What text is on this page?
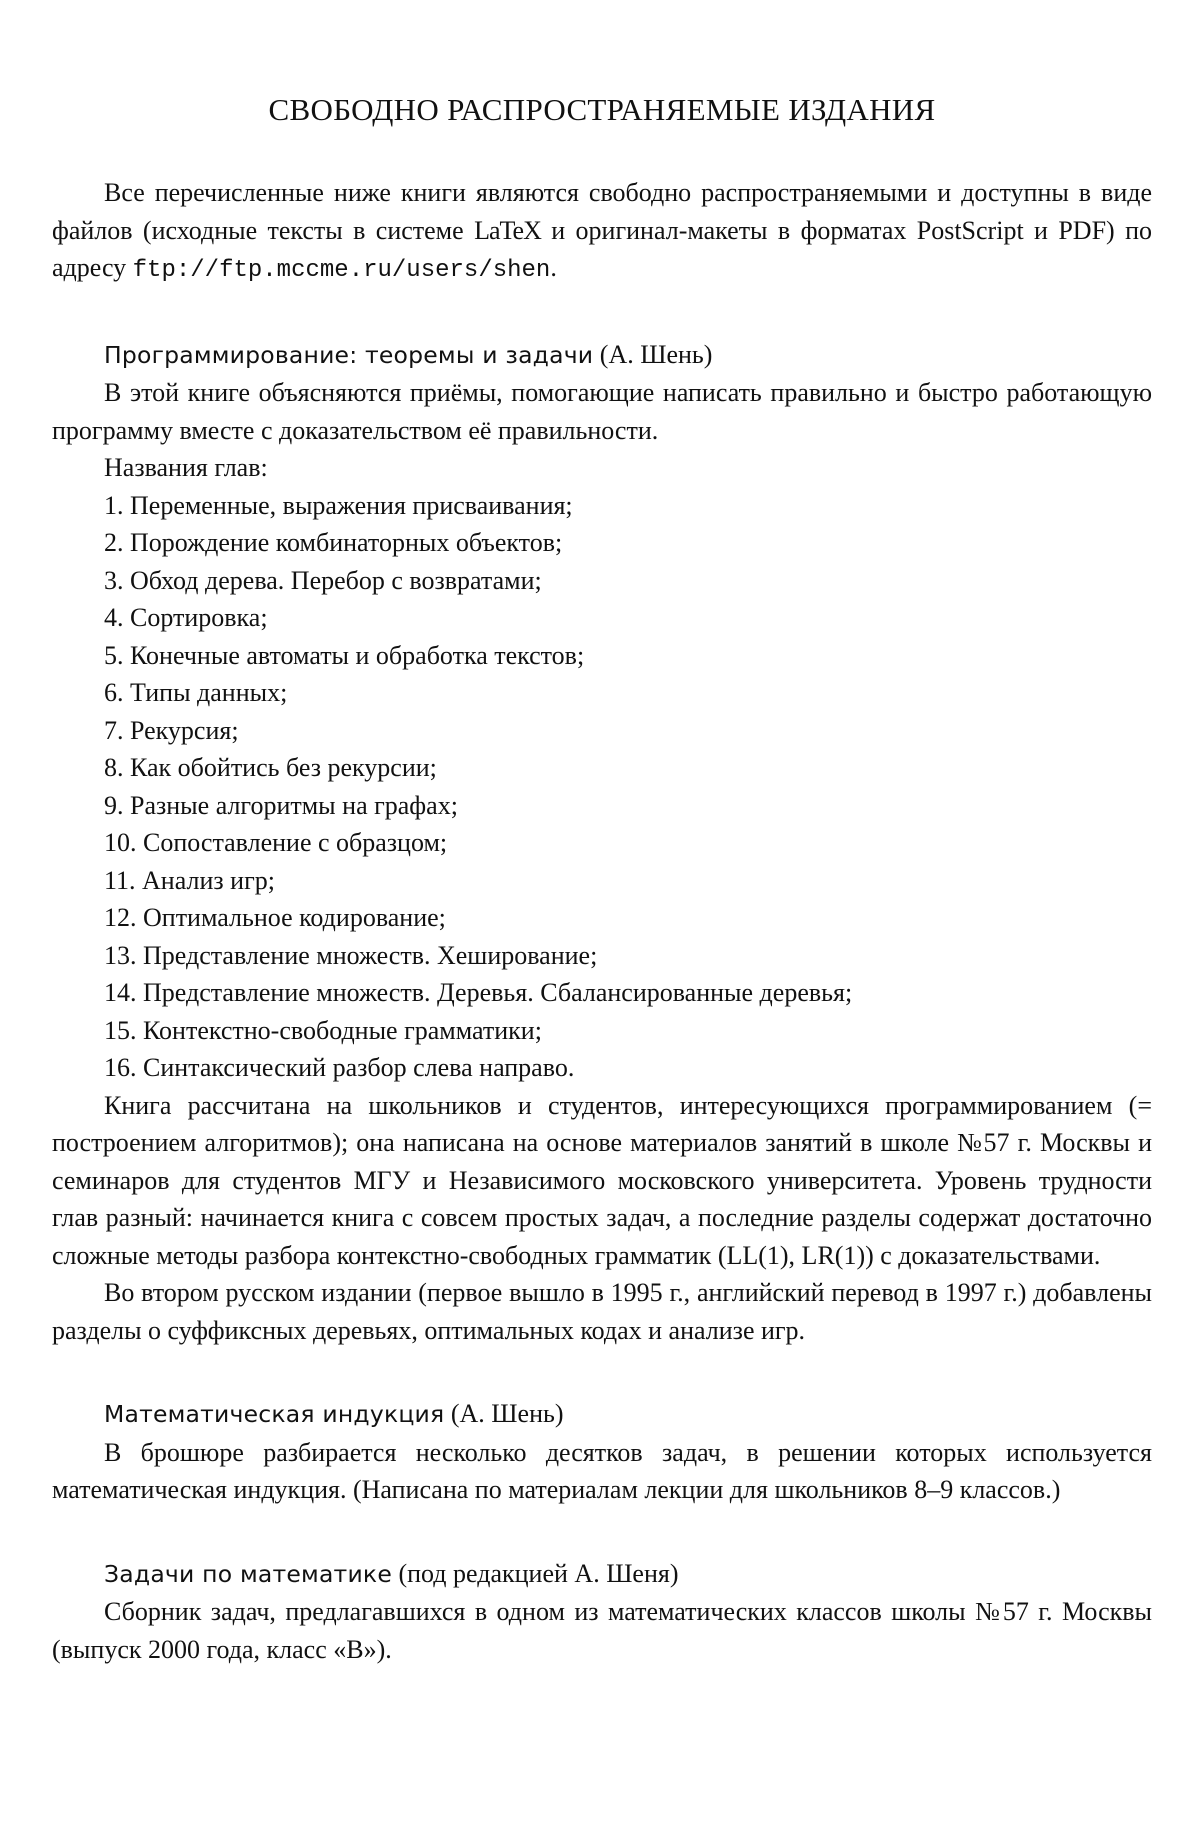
СВОБОДНО РАСПРОСТРАНЯЕМЫЕ ИЗДАНИЯ

Все перечисленные ниже книги являются свободно распространяемыми и доступны в виде файлов (исходные тексты в системе LaTeX и оригинал-макеты в форматах PostScript и PDF) по адресу ftp://ftp.mccme.ru/users/shen.

Программирование: теоремы и задачи (А. Шень)

В этой книге объясняются приёмы, помогающие написать правильно и быстро работающую программу вместе с доказательством её правильности.

Названия глав:

1. Переменные, выражения присваивания;
2. Порождение комбинаторных объектов;
3. Обход дерева. Перебор с возвратами;
4. Сортировка;
5. Конечные автоматы и обработка текстов;
6. Типы данных;
7. Рекурсия;
8. Как обойтись без рекурсии;
9. Разные алгоритмы на графах;
10. Сопоставление с образцом;
11. Анализ игр;
12. Оптимальное кодирование;
13. Представление множеств. Хеширование;
14. Представление множеств. Деревья. Сбалансированные деревья;
15. Контекстно-свободные грамматики;
16. Синтаксический разбор слева направо.

Книга рассчитана на школьников и студентов, интересующихся программированием (= построением алгоритмов); она написана на основе материалов занятий в школе №57 г. Москвы и семинаров для студентов МГУ и Независимого московского университета. Уровень трудности глав разный: начинается книга с совсем простых задач, а последние разделы содержат достаточно сложные методы разбора контекстно-свободных грамматик (LL(1), LR(1)) с доказательствами.

Во втором русском издании (первое вышло в 1995 г., английский перевод в 1997 г.) добавлены разделы о суффиксных деревьях, оптимальных кодах и анализе игр.

Математическая индукция (А. Шень)

В брошюре разбирается несколько десятков задач, в решении которых используется математическая индукция. (Написана по материалам лекции для школьников 8–9 классов.)

Задачи по математике (под редакцией А. Шеня)

Сборник задач, предлагавшихся в одном из математических классов школы №57 г. Москвы (выпуск 2000 года, класс «В»).
